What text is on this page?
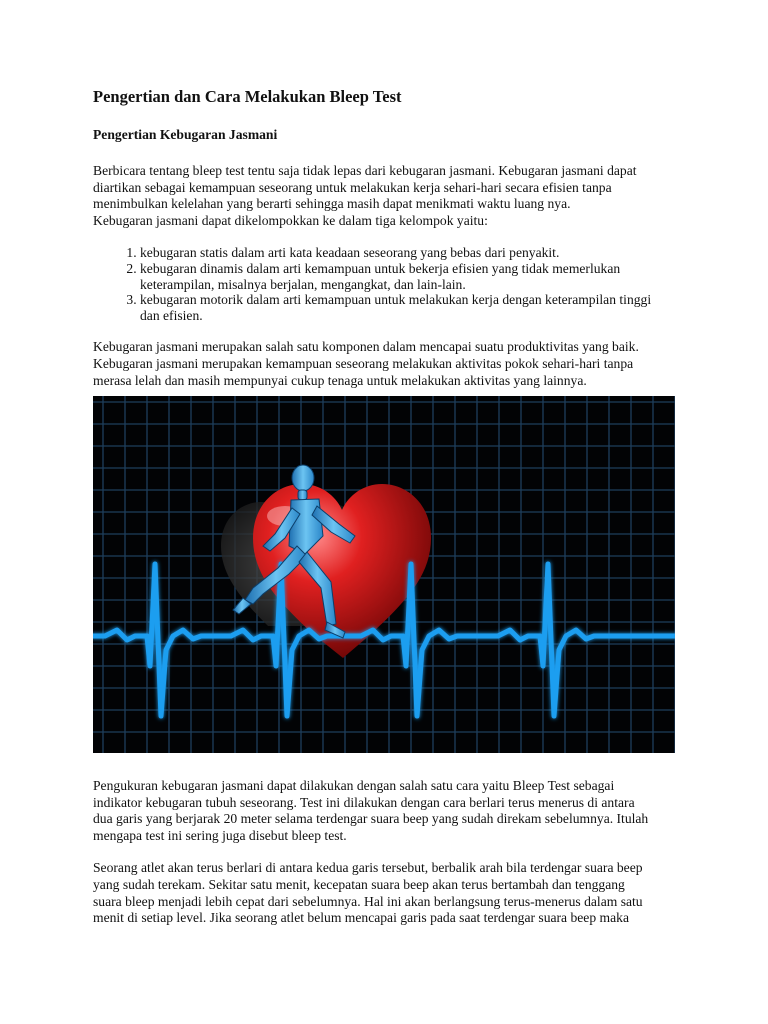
Pengertian dan Cara Melakukan Bleep Test
Pengertian Kebugaran Jasmani

Berbicara tentang bleep test tentu saja tidak lepas dari kebugaran jasmani. Kebugaran jasmani dapat
diartikan sebagai kemampuan seseorang untuk melakukan kerja sehari-hari secara efisien tanpa
menimbulkan kelelahan yang berarti sehingga masih dapat menikmati waktu luang nya.
Kebugaran jasmani dapat dikelompokkan ke dalam tiga kelompok yaitu:

1. kebugaran statis dalam arti kata keadaan seseorang yang bebas dari penyakit.
2. kebugaran dinamis dalam arti kemampuan untuk bekerja efisien yang tidak memerlukan
keterampilan, misalnya berjalan, mengangkat, dan lain-lain.
3. kebugaran motorik dalam arti kemampuan untuk melakukan kerja dengan keterampilan tinggi
dan efisien.

Kebugaran jasmani merupakan salah satu komponen dalam mencapai suatu produktivitas yang baik.
Kebugaran jasmani merupakan kemampuan seseorang melakukan aktivitas pokok sehari-hari tanpa
merasa lelah dan masih mempunyai cukup tenaga untuk melakukan aktivitas yang lainnya.

Pengukuran kebugaran jasmani dapat dilakukan dengan salah satu cara yaitu Bleep Test sebagai
indikator kebugaran tubuh seseorang. Test ini dilakukan dengan cara berlari terus menerus di antara
dua garis yang berjarak 20 meter selama terdengar suara beep yang sudah direkam sebelumnya. Itulah
mengapa test ini sering juga disebut bleep test.

Seorang atlet akan terus berlari di antara kedua garis tersebut, berbalik arah bila terdengar suara beep
yang sudah terekam. Sekitar satu menit, kecepatan suara beep akan terus bertambah dan tenggang
suara bleep menjadi lebih cepat dari sebelumnya. Hal ini akan berlangsung terus-menerus dalam satu
menit di setiap level. Jika seorang atlet belum mencapai garis pada saat terdengar suara beep maka
